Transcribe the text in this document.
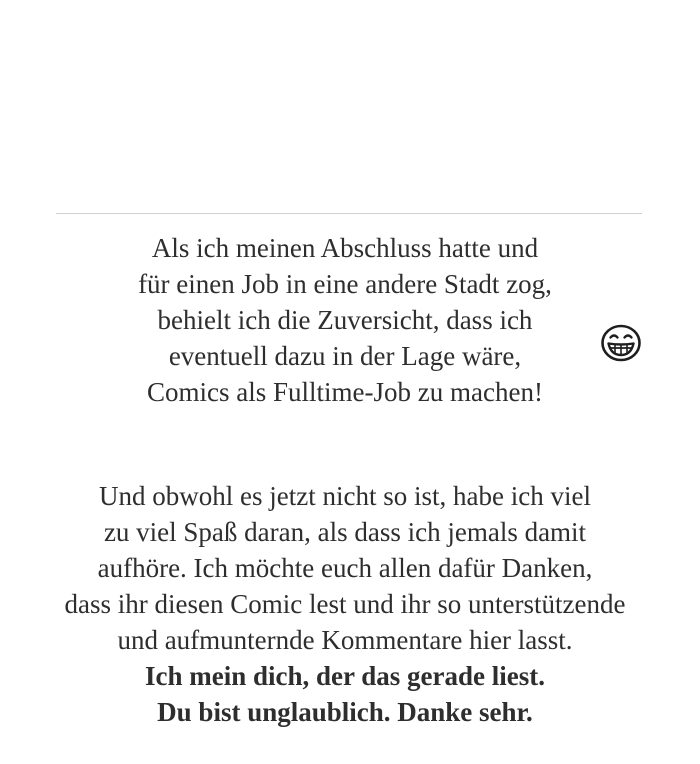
Als ich meinen Abschluss hatte und
für einen Job in eine andere Stadt zog,
behielt ich die Zuversicht, dass ich
eventuell dazu in der Lage wäre,
Comics als Fulltime-Job zu machen!
Und obwohl es jetzt nicht so ist, habe ich viel
zu viel Spaß daran, als dass ich jemals damit
aufhöre. Ich möchte euch allen dafür Danken,
dass ihr diesen Comic lest und ihr so unterstützende
und aufmunternde Kommentare hier lasst.
Ich mein dich, der das gerade liest.
Du bist unglaublich. Danke sehr.
